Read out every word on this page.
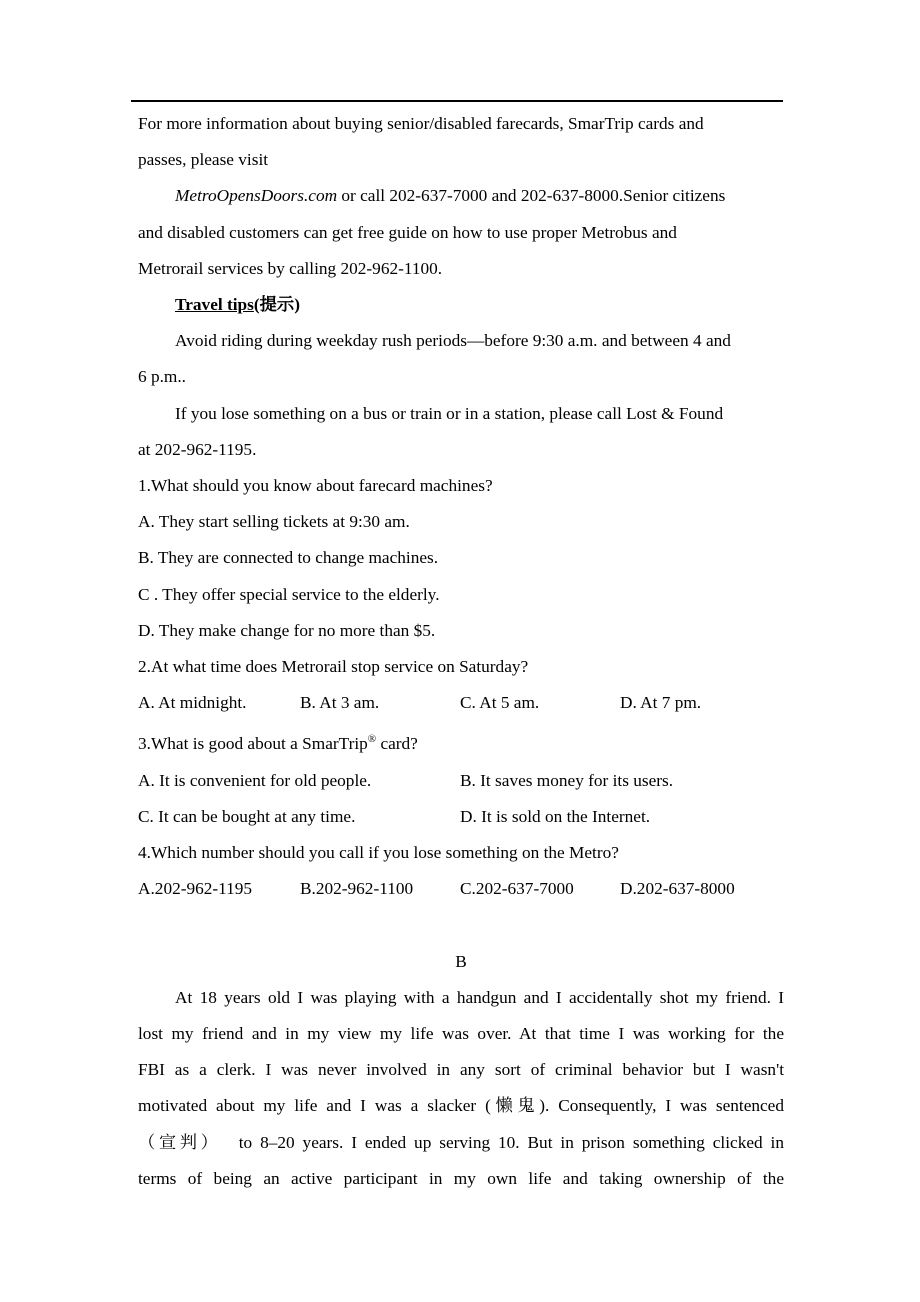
For more information about buying senior/disabled farecards, SmarTrip cards and
passes, please visit
MetroOpensDoors.com or call 202-637-7000 and 202-637-8000.Senior citizens
and disabled customers can get free guide on how to use proper Metrobus and
Metrorail services by calling 202-962-1100.
Travel tips(提示)
Avoid riding during weekday rush periods—before 9:30 a.m. and between 4 and
6 p.m..
If you lose something on a bus or train or in a station, please call Lost & Found
at 202-962-1195.
1.What should you know about farecard machines?
A. They start selling tickets at 9:30 am.
B. They are connected to change machines.
C . They offer special service to the elderly.
D. They make change for no more than $5.
2.At what time does Metrorail stop service on Saturday?
A. At midnight.	B. At 3 am.	C. At 5 am.	D. At 7 pm.
3.What is good about a SmarTrip® card?
A. It is convenient for old people.	B. It saves money for its users.
C. It can be bought at any time.	D. It is sold on the Internet.
4.Which number should you call if you lose something on the Metro?
A.202-962-1195	B.202-962-1100	C.202-637-7000	D.202-637-8000
B
At 18 years old I was playing with a handgun and I accidentally shot my friend. I
lost my friend and in my view my life was over. At that time I was working for the
FBI as a clerk. I was never involved in any sort of criminal behavior but I wasn't
motivated about my life and I was a slacker (懒鬼). Consequently, I was sentenced
（宣判） to 8–20 years. I ended up serving 10. But in prison something clicked in
terms of being an active participant in my own life and taking ownership of the
